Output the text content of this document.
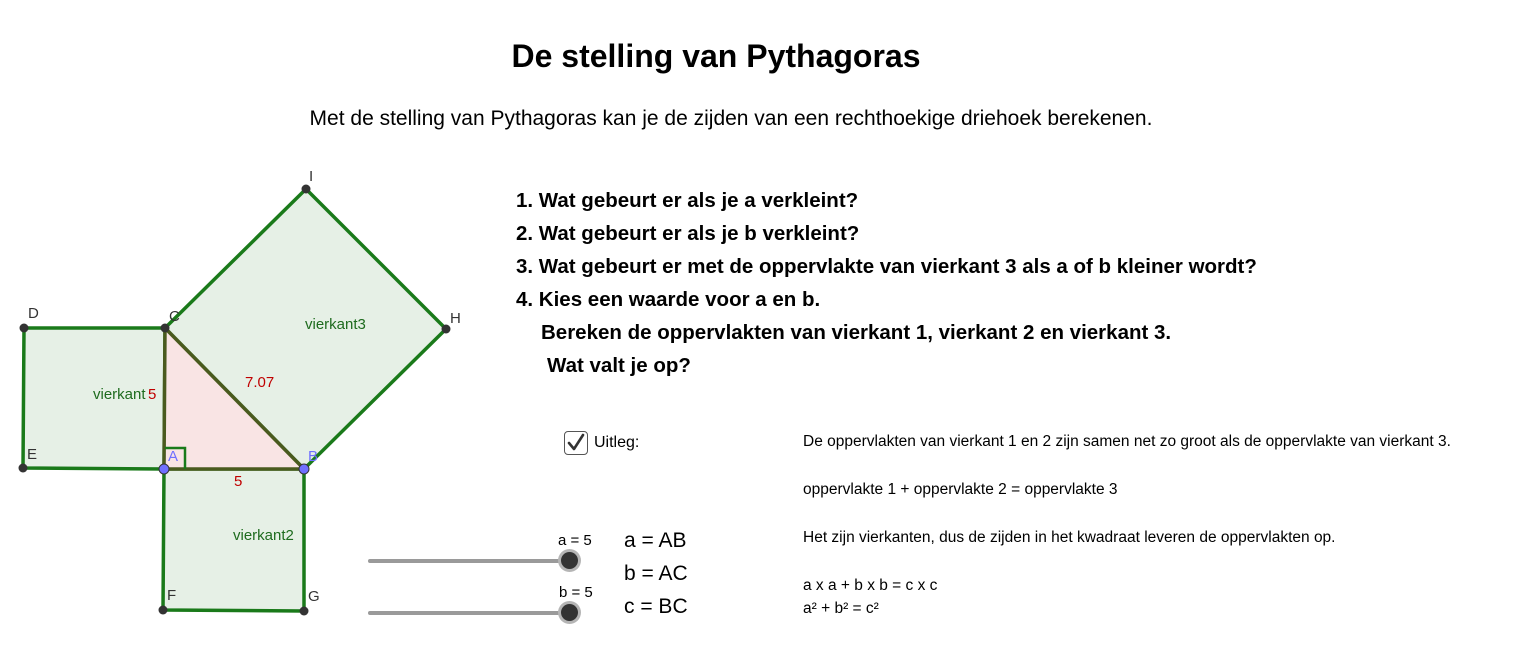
De stelling van Pythagoras
Met de stelling van Pythagoras kan je de zijden van een rechthoekige driehoek berekenen.
I
D	C	H
E
F	G
A	B
vierkant3
vierkant
vierkant2
5
7.07
5
1. Wat gebeurt er als je a verkleint?
2. Wat gebeurt er als je b verkleint?
3. Wat gebeurt er met de oppervlakte van vierkant 3 als a of b kleiner wordt?
4. Kies een waarde voor a en b.
Bereken de oppervlakten van vierkant 1, vierkant 2 en vierkant 3.
Wat valt je op?
Uitleg:
a = 5
b = 5
a = AB
b = AC
c = BC
De oppervlakten van vierkant 1 en 2 zijn samen net zo groot als de oppervlakte van vierkant 3.
oppervlakte 1 + oppervlakte 2 = oppervlakte 3
Het zijn vierkanten, dus de zijden in het kwadraat leveren de oppervlakten op.
a x a + b x b = c x c
a² + b² = c²
